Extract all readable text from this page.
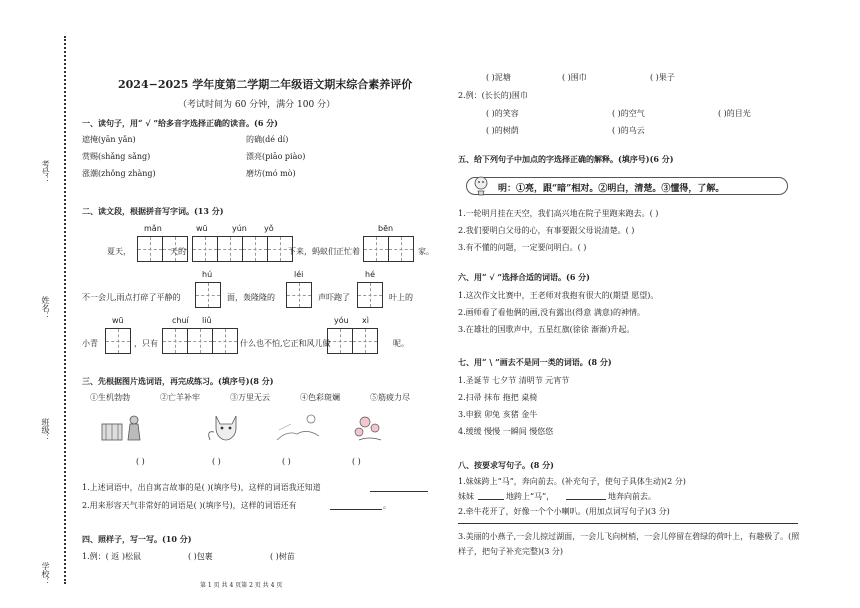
考号：
姓名：
班级：
学校：
2024−2025 学年度第二学期二年级语文期末综合素养评价
（考试时间为 60 分钟，满分 100 分）
一、读句子，用“ √ ”给多音字选择正确的读音。(6 分)
遮掩(yān yǎn)	的确(dé dí)
赏赐(shǎng sǎng)	漂亮(piāo piào)
涨潮(zhǒng zhàng)	磨坊(mó mò)
二、读文段，根据拼音写字词。(13 分)
mǎn	wū	yún yǒ	bēn
夏天，	天的	下来，蚂蚁们正忙着	家。
hú	léi	hé
不一会儿,雨点打碎了平静的	面，轰隆隆的	声吓跑了	叶上的
wū	chuí liǔ	yóu xì
小青	，只有	什么也不怕,它正和风儿做	呢。
三、先根据图片选词语，再完成练习。(填序号)(8 分)
①生机勃勃	②亡羊补牢	③万里无云	④色彩斑斓	⑤筋疲力尽
( )	( )	( )	( )
1.上述词语中，出自寓言故事的是( )(填序号)，这样的词语我还知道
2.用来形容天气非常好的词语是( )(填序号)，这样的词语还有	。
四、照样子，写一写。(10 分)
1.例：( 返 )松鼠	( )包裹	( )树苗
( )泥塘	( )围巾	( )果子
2.例：(长长的)围巾
( )的笑容	( )的空气	( )的目光
( )的树荫	( )的乌云
五、给下列句子中加点的字选择正确的解释。(填序号)(6 分)
明：①亮，跟“暗”相对。②明白，清楚。③懂得，了解。
1.一轮明月挂在天空，我们高兴地在院子里跑来跑去。( )
2.我们要明白父母的心，有事要跟父母说清楚。( )
3.有不懂的问题，一定要问明白。( )
六、用“ √ ”选择合适的词语。(6 分)
1.这次作文比赛中，王老师对我抱有很大的(期望 愿望)。
2.画师看了看他俩的画,没有露出(得意 满意)的神情。
3.在雄壮的国歌声中，五星红旗(徐徐 渐渐)升起。
七、用“ \ ”画去不是同一类的词语。(8 分)
1.圣诞节 七夕节 清明节 元宵节
2.扫帚 抹布 拖把 桌椅
3.申猴 卯兔 亥猪 金牛
4.缓缓 慢慢 一瞬间 慢悠悠
八、按要求写句子。(8 分)
1.妹妹跨上“马”，奔向前去。(补充句子，使句子具体生动)(2 分)
妹妹	地跨上“马”，	地奔向前去。
2.牵牛花开了，好像一个个小喇叭。(用加点词写句子)(3 分)
3.美丽的小燕子,一会儿掠过湖面，一会儿飞向树梢，一会儿停留在碧绿的荷叶上，有趣极了。(照
样子，把句子补充完整)(3 分)
第 1 页 共 4 页第 2 页 共 4 页
